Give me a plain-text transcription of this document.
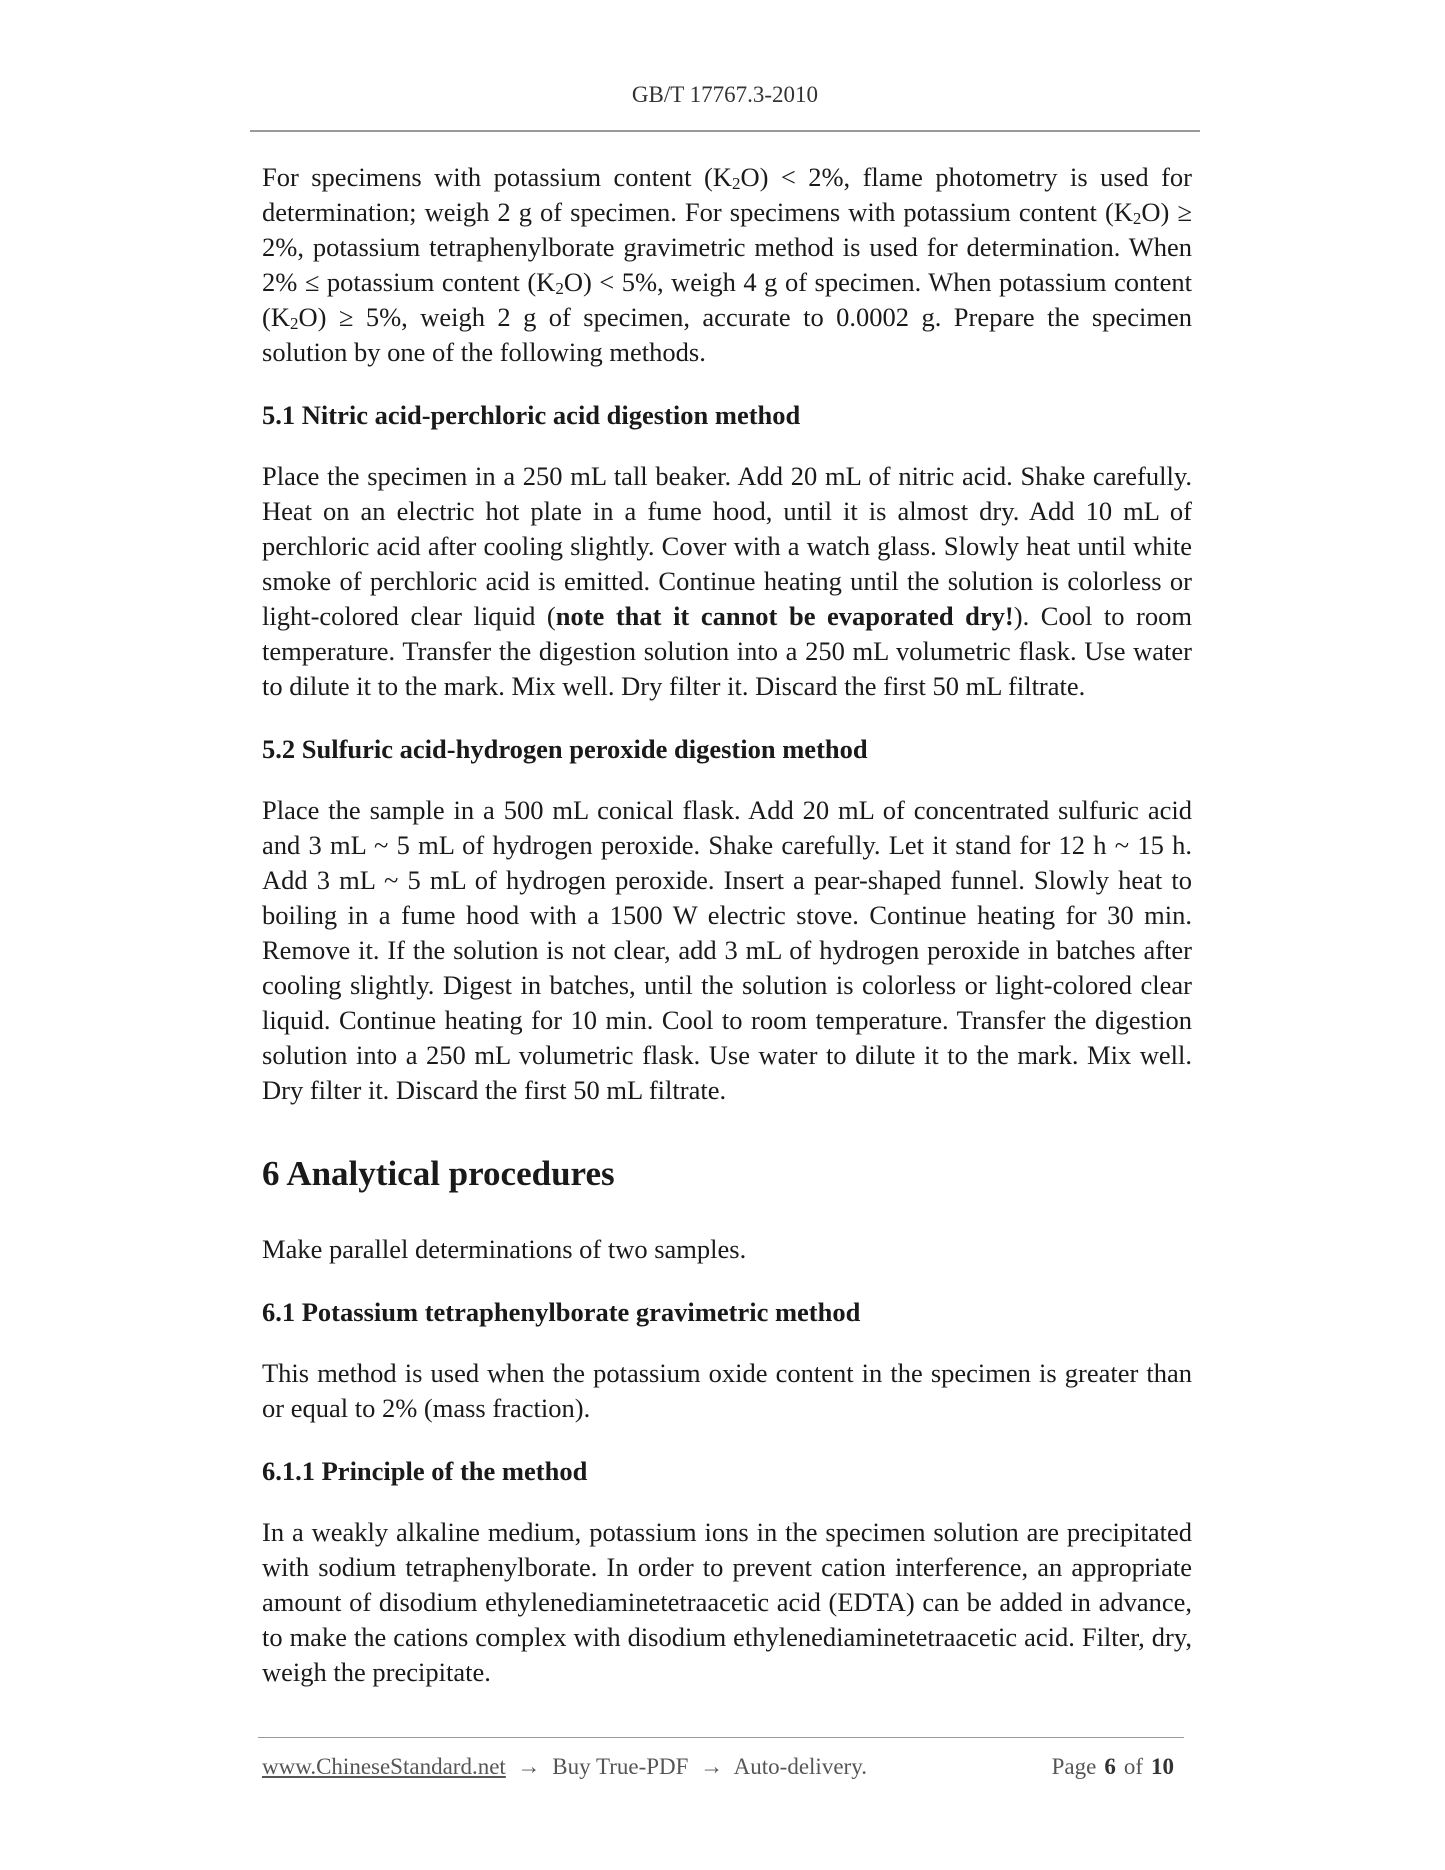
GB/T 17767.3-2010

For specimens with potassium content $(K_2O) < 2\%$, flame photometry is used for determination; weigh 2 g of specimen. For specimens with potassium content $(K_2O) \ge 2\%$, potassium tetraphenylborate gravimetric method is used for determination. When 2% ≤ potassium content $(K_2O) < 5\%$, weigh 4 g of specimen. When potassium content $(K_2O) \ge 5\%$, weigh 2 g of specimen, accurate to 0.0002 g. Prepare the specimen solution by one of the following methods.

5.1 Nitric acid-perchloric acid digestion method

Place the specimen in a 250 mL tall beaker. Add 20 mL of nitric acid. Shake carefully. Heat on an electric hot plate in a fume hood, until it is almost dry. Add 10 mL of perchloric acid after cooling slightly. Cover with a watch glass. Slowly heat until white smoke of perchloric acid is emitted. Continue heating until the solution is colorless or light-colored clear liquid (note that it cannot be evaporated dry!). Cool to room temperature. Transfer the digestion solution into a 250 mL volumetric flask. Use water to dilute it to the mark. Mix well. Dry filter it. Discard the first 50 mL filtrate.

5.2 Sulfuric acid-hydrogen peroxide digestion method

Place the sample in a 500 mL conical flask. Add 20 mL of concentrated sulfuric acid and 3 mL ~ 5 mL of hydrogen peroxide. Shake carefully. Let it stand for 12 h ~ 15 h. Add 3 mL ~ 5 mL of hydrogen peroxide. Insert a pear-shaped funnel. Slowly heat to boiling in a fume hood with a 1500 W electric stove. Continue heating for 30 min. Remove it. If the solution is not clear, add 3 mL of hydrogen peroxide in batches after cooling slightly. Digest in batches, until the solution is colorless or light-colored clear liquid. Continue heating for 10 min. Cool to room temperature. Transfer the digestion solution into a 250 mL volumetric flask. Use water to dilute it to the mark. Mix well. Dry filter it. Discard the first 50 mL filtrate.

6 Analytical procedures

Make parallel determinations of two samples.

6.1 Potassium tetraphenylborate gravimetric method

This method is used when the potassium oxide content in the specimen is greater than or equal to 2% (mass fraction).

6.1.1 Principle of the method

In a weakly alkaline medium, potassium ions in the specimen solution are precipitated with sodium tetraphenylborate. In order to prevent cation interference, an appropriate amount of disodium ethylenediaminetetraacetic acid (EDTA) can be added in advance, to make the cations complex with disodium ethylenediaminetetraacetic acid. Filter, dry, weigh the precipitate.

www.ChineseStandard.net → Buy True-PDF → Auto-delivery.	Page 6 of 10
